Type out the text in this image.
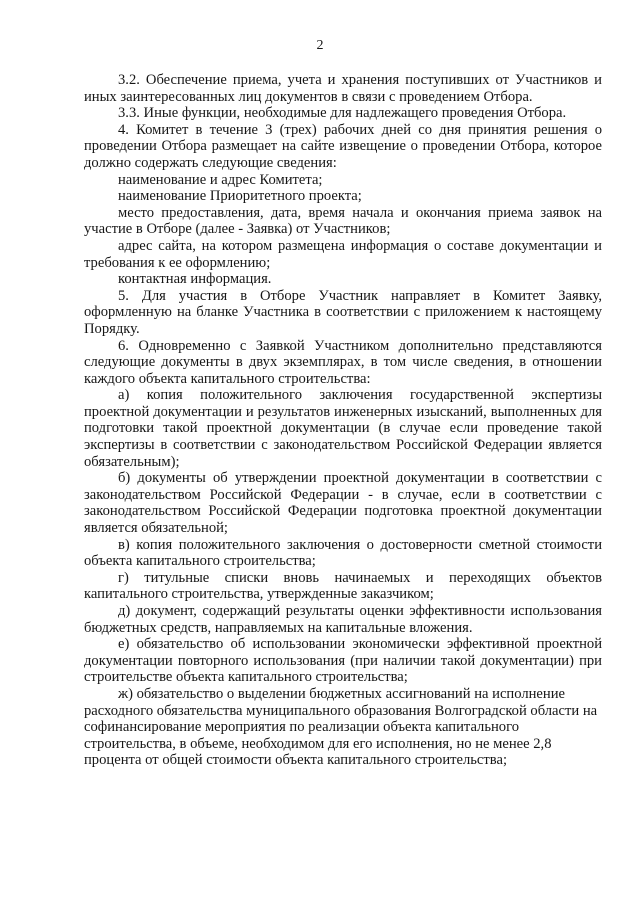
2

3.2. Обеспечение приема, учета и хранения поступивших от Участников и иных заинтересованных лиц документов в связи с проведением Отбора.

3.3. Иные функции, необходимые для надлежащего проведения Отбора.

4. Комитет в течение 3 (трех) рабочих дней со дня принятия решения о проведении Отбора размещает на сайте извещение о проведении Отбора, которое должно содержать следующие сведения:

наименование и адрес Комитета;

наименование Приоритетного проекта;

место предоставления, дата, время начала и окончания приема заявок на участие в Отборе (далее - Заявка) от Участников;

адрес сайта, на котором размещена информация о составе документации и требования к ее оформлению;

контактная информация.

5. Для участия в Отборе Участник направляет в Комитет Заявку, оформленную на бланке Участника в соответствии с приложением к настоящему Порядку.

6. Одновременно с Заявкой Участником дополнительно представляются следующие документы в двух экземплярах, в том числе сведения, в отношении каждого объекта капитального строительства:

а) копия положительного заключения государственной экспертизы проектной документации и результатов инженерных изысканий, выполненных для подготовки такой проектной документации (в случае если проведение такой экспертизы в соответствии с законодательством Российской Федерации является обязательным);

б) документы об утверждении проектной документации в соответствии с законодательством Российской Федерации - в случае, если в соответствии с законодательством Российской Федерации подготовка проектной документации является обязательной;

в) копия положительного заключения о достоверности сметной стоимости объекта капитального строительства;

г) титульные списки вновь начинаемых и переходящих объектов капитального строительства, утвержденные заказчиком;

д) документ, содержащий результаты оценки эффективности использования бюджетных средств, направляемых на капитальные вложения.

е) обязательство об использовании экономически эффективной проектной документации повторного использования (при наличии такой документации) при строительстве объекта капитального строительства;

ж) обязательство о выделении бюджетных ассигнований на исполнение расходного обязательства муниципального образования Волгоградской области на софинансирование мероприятия по реализации объекта капитального строительства, в объеме, необходимом для его исполнения, но не менее 2,8 процента от общей стоимости объекта капитального строительства;
